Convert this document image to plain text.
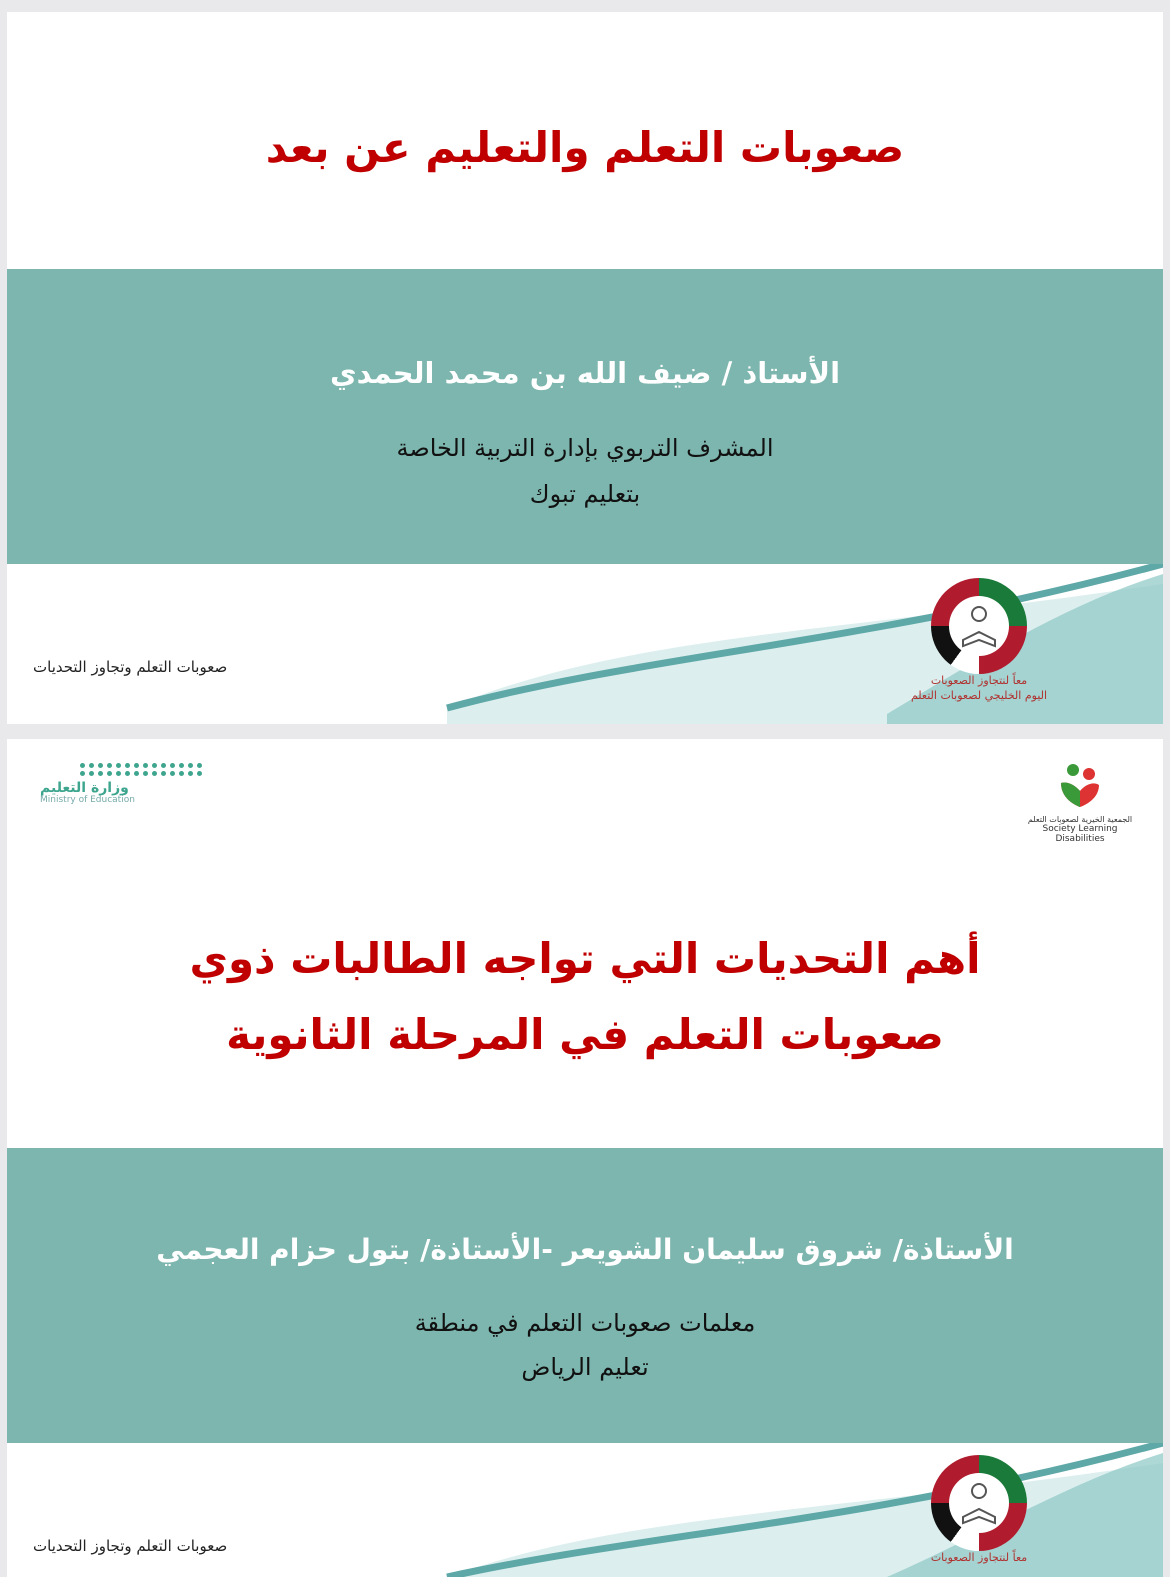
صعوبات التعلم والتعليم عن بعد
الأستاذ / ضيف الله بن محمد الحمدي
المشرف التربوي بإدارة التربية الخاصة
بتعليم تبوك
معاً لنتجاوز الصعوبات
اليوم الخليجي لصعوبات التعلم
صعوبات التعلم وتجاوز التحديات
وزارة التعليم
Ministry of Education
الجمعية الخيرية لصعوبات التعلم
Society Learning Disabilities
أهم التحديات التي تواجه الطالبات ذوي
صعوبات التعلم في المرحلة الثانوية
الأستاذة/ شروق سليمان الشويعر -الأستاذة/ بتول حزام العجمي
معلمات صعوبات التعلم في منطقة
تعليم الرياض
معاً لنتجاوز الصعوبات
صعوبات التعلم وتجاوز التحديات
